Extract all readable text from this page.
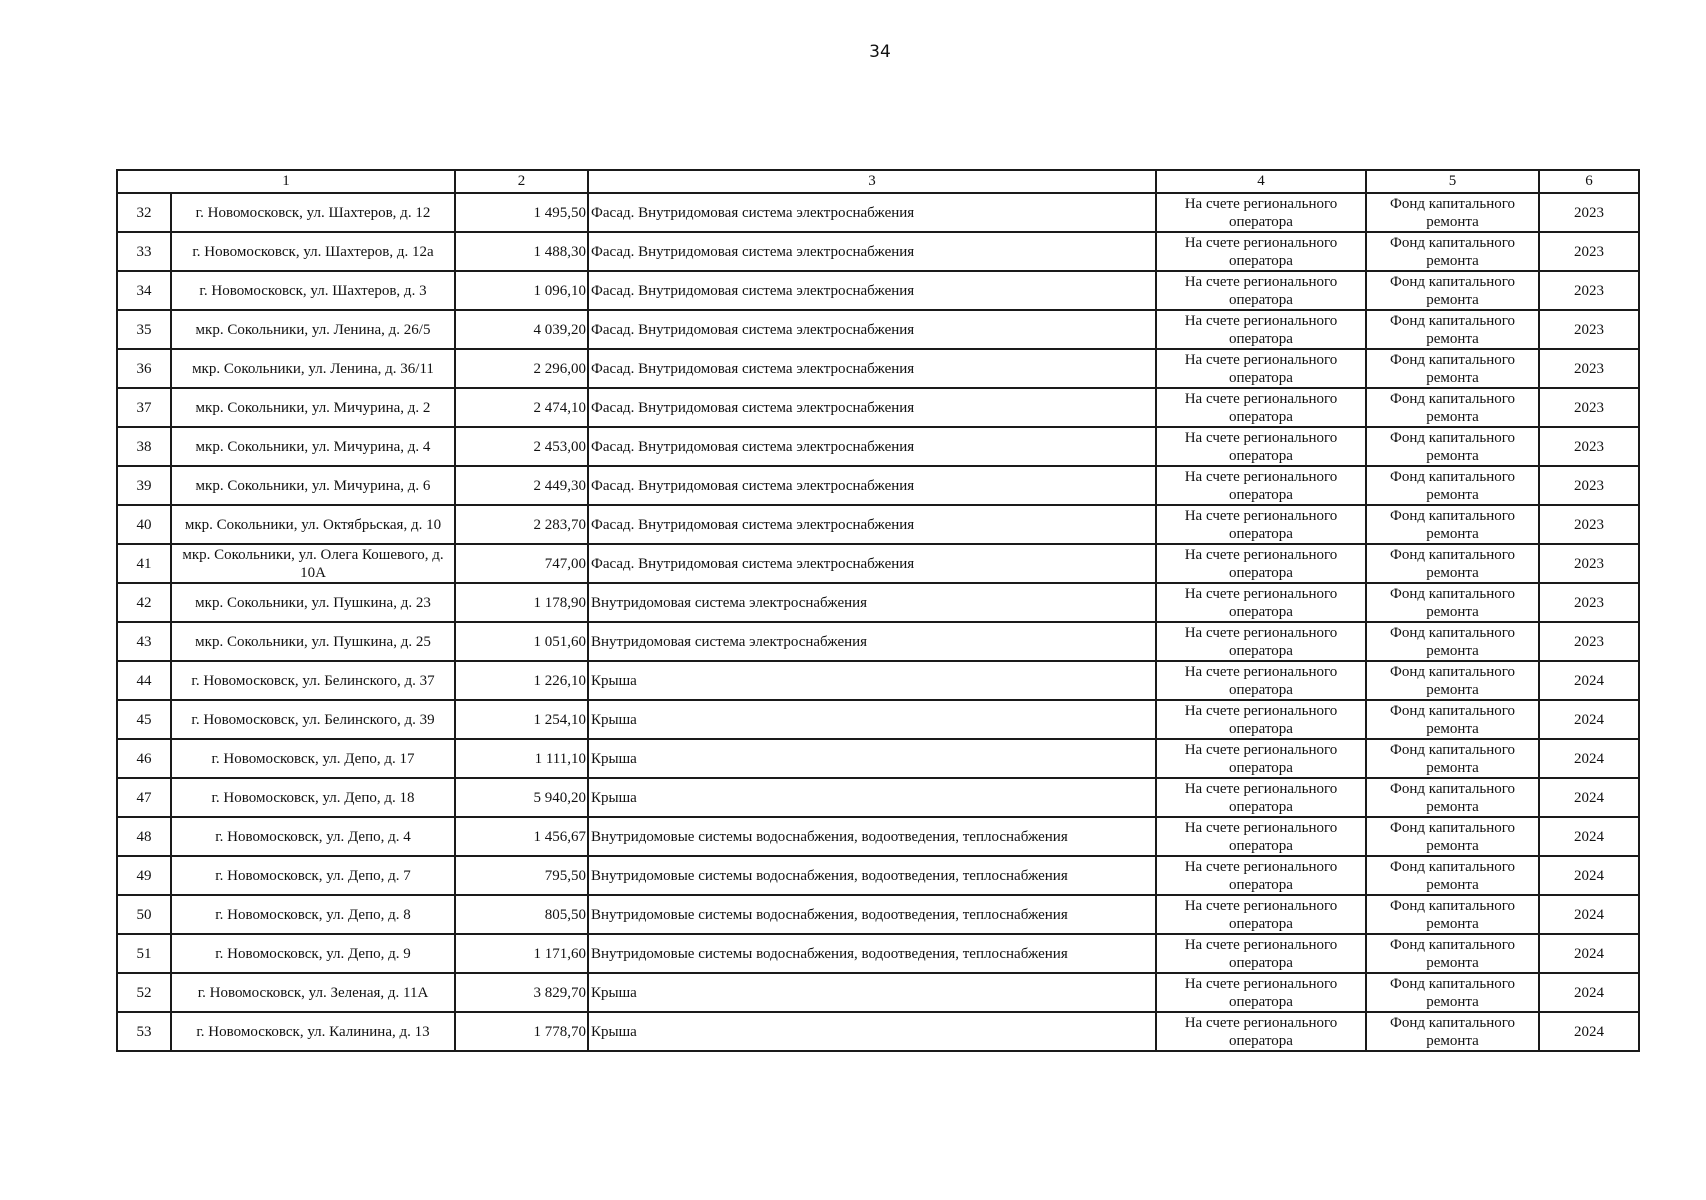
34
1		2	3	4	5	6
32	г. Новомосковск, ул. Шахтеров, д. 12	1 495,50	Фасад. Внутридомовая система электроснабжения	На счете регионального оператора	Фонд капитального ремонта	2023
33	г. Новомосковск, ул. Шахтеров, д. 12а	1 488,30	Фасад. Внутридомовая система электроснабжения	На счете регионального оператора	Фонд капитального ремонта	2023
34	г. Новомосковск, ул. Шахтеров, д. 3	1 096,10	Фасад. Внутридомовая система электроснабжения	На счете регионального оператора	Фонд капитального ремонта	2023
35	мкр. Сокольники, ул. Ленина, д. 26/5	4 039,20	Фасад. Внутридомовая система электроснабжения	На счете регионального оператора	Фонд капитального ремонта	2023
36	мкр. Сокольники, ул. Ленина, д. 36/11	2 296,00	Фасад. Внутридомовая система электроснабжения	На счете регионального оператора	Фонд капитального ремонта	2023
37	мкр. Сокольники, ул. Мичурина, д. 2	2 474,10	Фасад. Внутридомовая система электроснабжения	На счете регионального оператора	Фонд капитального ремонта	2023
38	мкр. Сокольники, ул. Мичурина, д. 4	2 453,00	Фасад. Внутридомовая система электроснабжения	На счете регионального оператора	Фонд капитального ремонта	2023
39	мкр. Сокольники, ул. Мичурина, д. 6	2 449,30	Фасад. Внутридомовая система электроснабжения	На счете регионального оператора	Фонд капитального ремонта	2023
40	мкр. Сокольники, ул. Октябрьская, д. 10	2 283,70	Фасад. Внутридомовая система электроснабжения	На счете регионального оператора	Фонд капитального ремонта	2023
41	мкр. Сокольники, ул. Олега Кошевого, д. 10А	747,00	Фасад. Внутридомовая система электроснабжения	На счете регионального оператора	Фонд капитального ремонта	2023
42	мкр. Сокольники, ул. Пушкина, д. 23	1 178,90	Внутридомовая система электроснабжения	На счете регионального оператора	Фонд капитального ремонта	2023
43	мкр. Сокольники, ул. Пушкина, д. 25	1 051,60	Внутридомовая система электроснабжения	На счете регионального оператора	Фонд капитального ремонта	2023
44	г. Новомосковск, ул. Белинского, д. 37	1 226,10	Крыша	На счете регионального оператора	Фонд капитального ремонта	2024
45	г. Новомосковск, ул. Белинского, д. 39	1 254,10	Крыша	На счете регионального оператора	Фонд капитального ремонта	2024
46	г. Новомосковск, ул. Депо, д. 17	1 111,10	Крыша	На счете регионального оператора	Фонд капитального ремонта	2024
47	г. Новомосковск, ул. Депо, д. 18	5 940,20	Крыша	На счете регионального оператора	Фонд капитального ремонта	2024
48	г. Новомосковск, ул. Депо, д. 4	1 456,67	Внутридомовые системы водоснабжения, водоотведения, теплоснабжения	На счете регионального оператора	Фонд капитального ремонта	2024
49	г. Новомосковск, ул. Депо, д. 7	795,50	Внутридомовые системы водоснабжения, водоотведения, теплоснабжения	На счете регионального оператора	Фонд капитального ремонта	2024
50	г. Новомосковск, ул. Депо, д. 8	805,50	Внутридомовые системы водоснабжения, водоотведения, теплоснабжения	На счете регионального оператора	Фонд капитального ремонта	2024
51	г. Новомосковск, ул. Депо, д. 9	1 171,60	Внутридомовые системы водоснабжения, водоотведения, теплоснабжения	На счете регионального оператора	Фонд капитального ремонта	2024
52	г. Новомосковск, ул. Зеленая, д. 11А	3 829,70	Крыша	На счете регионального оператора	Фонд капитального ремонта	2024
53	г. Новомосковск, ул. Калинина, д. 13	1 778,70	Крыша	На счете регионального оператора	Фонд капитального ремонта	2024
